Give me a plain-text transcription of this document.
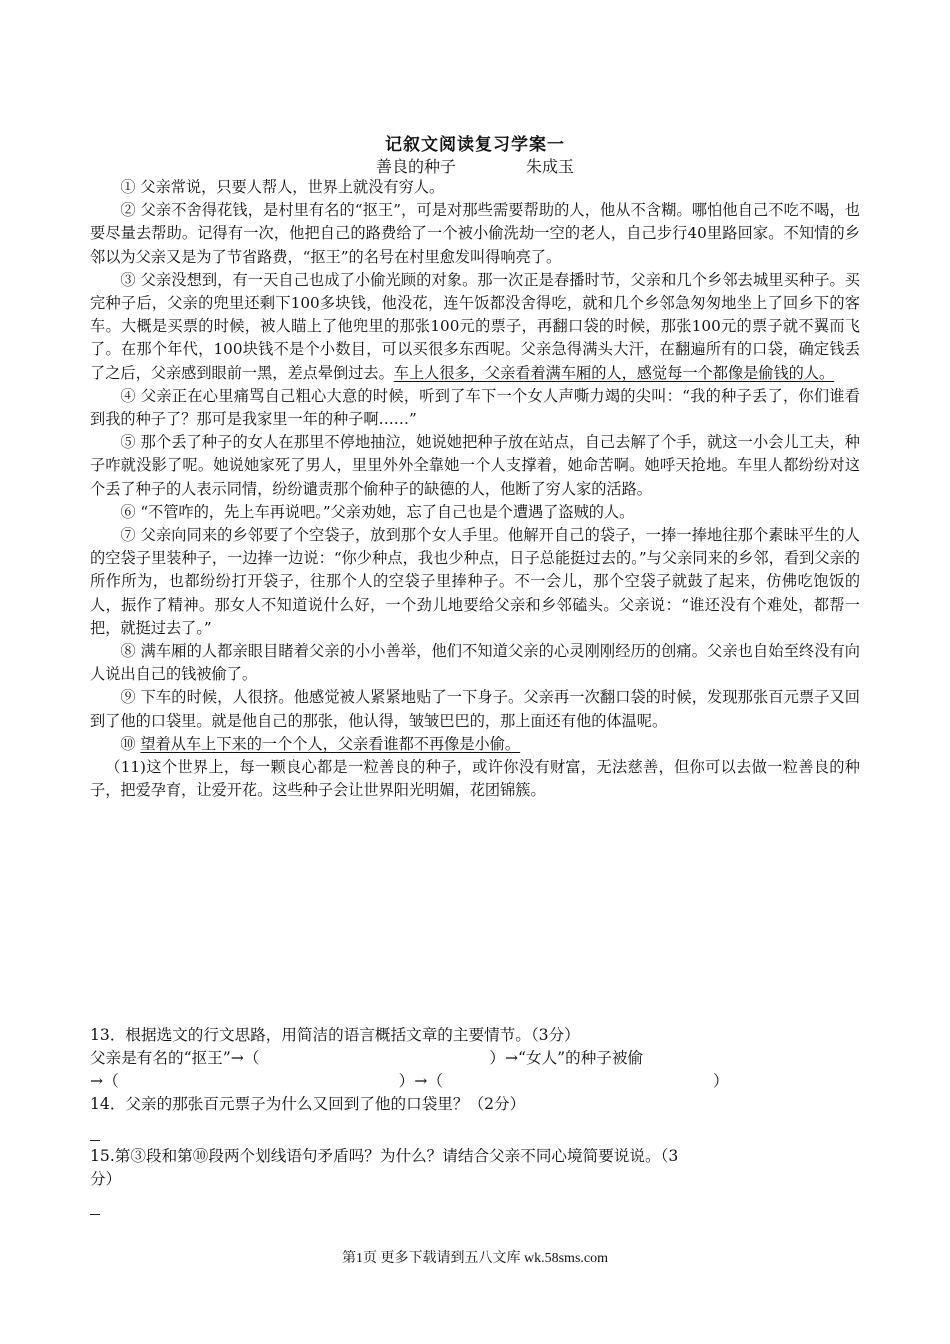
记叙文阅读复习学案一
善良的种子	朱成玉

① 父亲常说，只要人帮人，世界上就没有穷人。

② 父亲不舍得花钱，是村里有名的“抠王”，可是对那些需要帮助的人，他从不含糊。哪怕他自己不吃不喝，也要尽量去帮助。记得有一次，他把自己的路费给了一个被小偷洗劫一空的老人，自己步行40里路回家。不知情的乡邻以为父亲又是为了节省路费，“抠王”的名号在村里愈发叫得响亮了。

③ 父亲没想到，有一天自己也成了小偷光顾的对象。那一次正是春播时节，父亲和几个乡邻去城里买种子。买完种子后，父亲的兜里还剩下100多块钱，他没花，连午饭都没舍得吃，就和几个乡邻急匆匆地坐上了回乡下的客车。大概是买票的时候，被人瞄上了他兜里的那张100元的票子，再翻口袋的时候，那张100元的票子就不翼而飞了。在那个年代，100块钱不是个小数目，可以买很多东西呢。父亲急得满头大汗，在翻遍所有的口袋，确定钱丢了之后，父亲感到眼前一黑，差点晕倒过去。车上人很多，父亲看着满车厢的人，感觉每一个都像是偷钱的人。

④ 父亲正在心里痛骂自己粗心大意的时候，听到了车下一个女人声嘶力竭的尖叫：“我的种子丢了，你们谁看到我的种子了？那可是我家里一年的种子啊……”

⑤ 那个丢了种子的女人在那里不停地抽泣，她说她把种子放在站点，自己去解了个手，就这一小会儿工夫，种子咋就没影了呢。她说她家死了男人，里里外外全靠她一个人支撑着，她命苦啊。她呼天抢地。车里人都纷纷对这个丢了种子的人表示同情，纷纷谴责那个偷种子的缺德的人，他断了穷人家的活路。

⑥ “不管咋的，先上车再说吧。”父亲劝她，忘了自己也是个遭遇了盗贼的人。

⑦ 父亲向同来的乡邻要了个空袋子，放到那个女人手里。他解开自己的袋子，一捧一捧地往那个素昧平生的人的空袋子里装种子，一边捧一边说：“你少种点，我也少种点，日子总能挺过去的。”与父亲同来的乡邻，看到父亲的所作所为，也都纷纷打开袋子，往那个人的空袋子里捧种子。不一会儿，那个空袋子就鼓了起来，仿佛吃饱饭的人，振作了精神。那女人不知道说什么好，一个劲儿地要给父亲和乡邻磕头。父亲说：“谁还没有个难处，都帮一把，就挺过去了。”

⑧ 满车厢的人都亲眼目睹着父亲的小小善举，他们不知道父亲的心灵刚刚经历的创痛。父亲也自始至终没有向人说出自己的钱被偷了。

⑨ 下车的时候，人很挤。他感觉被人紧紧地贴了一下身子。父亲再一次翻口袋的时候，发现那张百元票子又回到了他的口袋里。就是他自己的那张，他认得，皱皱巴巴的，那上面还有他的体温呢。

⑩ 望着从车上下来的一个个人，父亲看谁都不再像是小偷。

（11)这个世界上，每一颗良心都是一粒善良的种子，或许你没有财富，无法慈善，但你可以去做一粒善良的种子，把爱孕育，让爱开花。这些种子会让世界阳光明媚，花团锦簇。

13．根据选文的行文思路，用简洁的语言概括文章的主要情节。（3分）

父亲是有名的“抠王”→（	）→“女人”的种子被偷
→（	）→（	）

14．父亲的那张百元票子为什么又回到了他的口袋里？（2分）

15.第③段和第⑩段两个划线语句矛盾吗？为什么？请结合父亲不同心境简要说说。（3

分）

第1页 更多下载请到五八文库 wk.58sms.com
